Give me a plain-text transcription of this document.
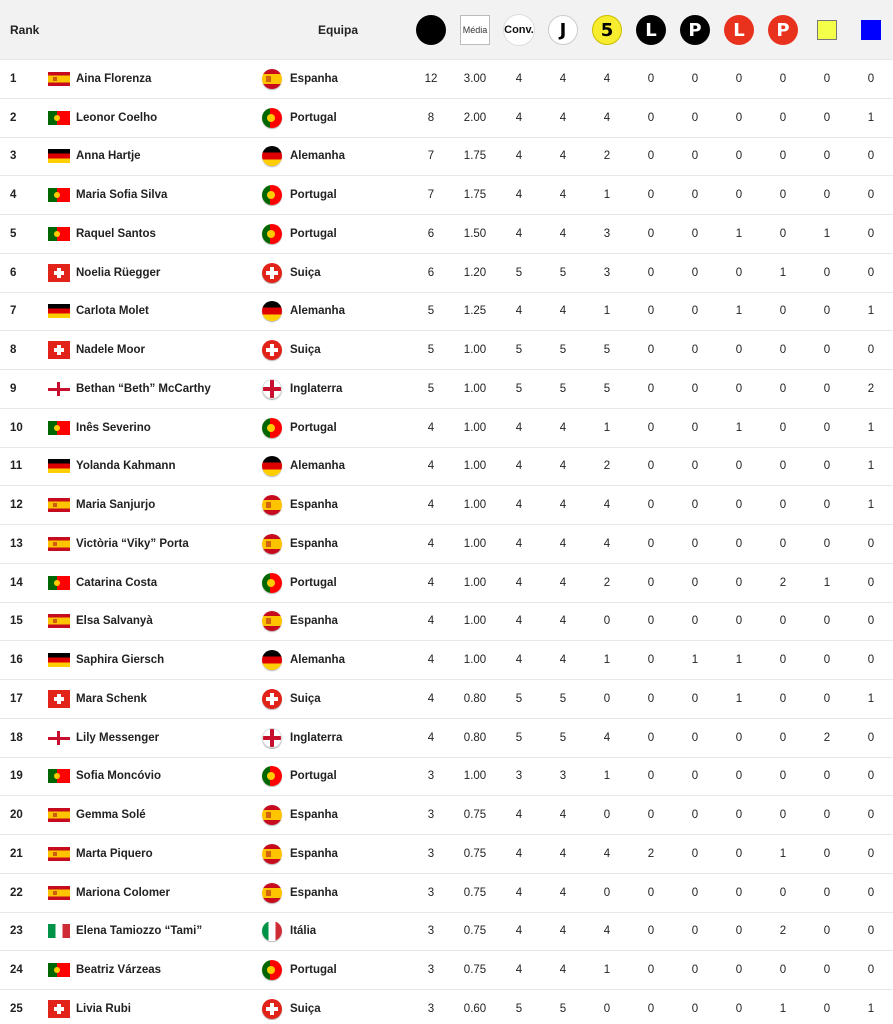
Rank	Equipa	Média Conv.	J	5	L	P	L	P
1	Aina Florenza	Espanha	12	3.00	4	4	4	0	0	0	0	0	0
2	Leonor Coelho	Portugal	8	2.00	4	4	4	0	0	0	0	0	1
3	Anna Hartje	Alemanha	7	1.75	4	4	2	0	0	0	0	0	0
4	Maria Sofia Silva	Portugal	7	1.75	4	4	1	0	0	0	0	0	0
5	Raquel Santos	Portugal	6	1.50	4	4	3	0	0	1	0	1	0
6	Noelia Rüegger	Suiça	6	1.20	5	5	3	0	0	0	1	0	0
7	Carlota Molet	Alemanha	5	1.25	4	4	1	0	0	1	0	0	1
8	Nadele Moor	Suiça	5	1.00	5	5	5	0	0	0	0	0	0
9	Bethan “Beth” McCarthy	Inglaterra	5	1.00	5	5	5	0	0	0	0	0	2
10	Inês Severino	Portugal	4	1.00	4	4	1	0	0	1	0	0	1
11	Yolanda Kahmann	Alemanha	4	1.00	4	4	2	0	0	0	0	0	1
12	Maria Sanjurjo	Espanha	4	1.00	4	4	4	0	0	0	0	0	1
13	Victòria “Viky” Porta	Espanha	4	1.00	4	4	4	0	0	0	0	0	0
14	Catarina Costa	Portugal	4	1.00	4	4	2	0	0	0	2	1	0
15	Elsa Salvanyà	Espanha	4	1.00	4	4	0	0	0	0	0	0	0
16	Saphira Giersch	Alemanha	4	1.00	4	4	1	0	1	1	0	0	0
17	Mara Schenk	Suiça	4	0.80	5	5	0	0	0	1	0	0	1
18	Lily Messenger	Inglaterra	4	0.80	5	5	4	0	0	0	0	2	0
19	Sofia Moncóvio	Portugal	3	1.00	3	3	1	0	0	0	0	0	0
20	Gemma Solé	Espanha	3	0.75	4	4	0	0	0	0	0	0	0
21	Marta Piquero	Espanha	3	0.75	4	4	4	2	0	0	1	0	0
22	Mariona Colomer	Espanha	3	0.75	4	4	0	0	0	0	0	0	0
23	Elena Tamiozzo “Tami”	Itália	3	0.75	4	4	4	0	0	0	2	0	0
24	Beatriz Várzeas	Portugal	3	0.75	4	4	1	0	0	0	0	0	0
25	Livia Rubi	Suiça	3	0.60	5	5	0	0	0	0	1	0	1
